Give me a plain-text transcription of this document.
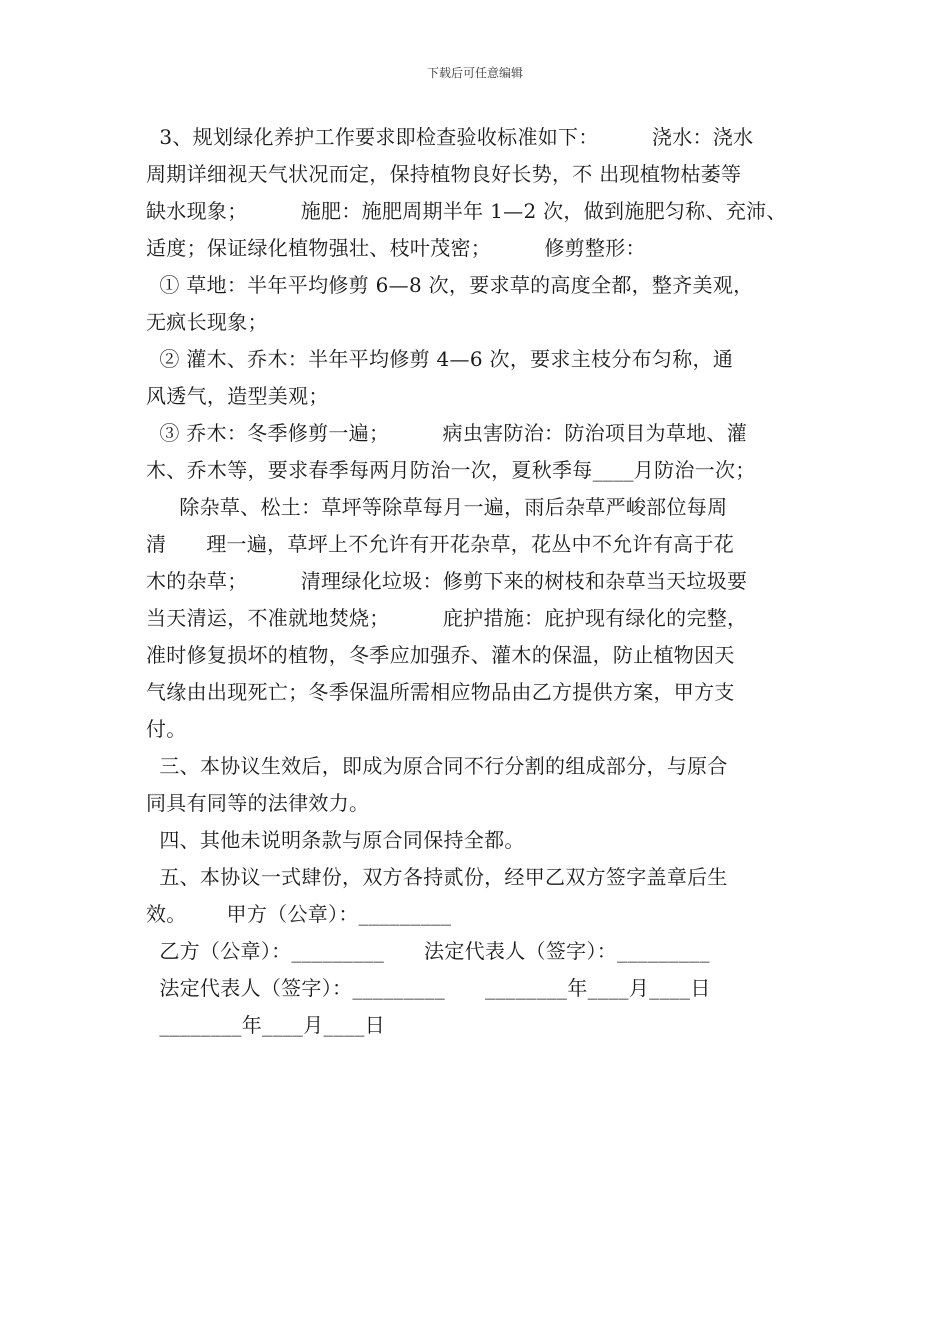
下载后可任意编辑
3、规划绿化养护工作要求即检查验收标准如下：        浇水：浇水
周期详细视天气状况而定，保持植物良好长势，不 出现植物枯萎等
缺水现象；        施肥：施肥周期半年 1—2 次，做到施肥匀称、充沛、
适度；保证绿化植物强壮、枝叶茂密；        修剪整形：
① 草地：半年平均修剪 6—8 次，要求草的高度全都，整齐美观，
无疯长现象；
② 灌木、乔木：半年平均修剪 4—6 次，要求主枝分布匀称，通
风透气，造型美观；
③ 乔木：冬季修剪一遍；        病虫害防治：防治项目为草地、灌
木、乔木等，要求春季每两月防治一次，夏秋季每____月防治一次；
除杂草、松土：草坪等除草每月一遍，雨后杂草严峻部位每周
清      理一遍，草坪上不允许有开花杂草，花丛中不允许有高于花
木的杂草；        清理绿化垃圾：修剪下来的树枝和杂草当天垃圾要
当天清运，不准就地焚烧；        庇护措施：庇护现有绿化的完整，
准时修复损坏的植物，冬季应加强乔、灌木的保温，防止植物因天
气缘由出现死亡；冬季保温所需相应物品由乙方提供方案，甲方支
付。
三、本协议生效后，即成为原合同不行分割的组成部分，与原合
同具有同等的法律效力。
四、其他未说明条款与原合同保持全都。
五、本协议一式肆份，双方各持贰份，经甲乙双方签字盖章后生
效。      甲方（公章）：_________
乙方（公章）：_________      法定代表人（签字）：_________
法定代表人（签字）：_________      ________年____月____日
________年____月____日
